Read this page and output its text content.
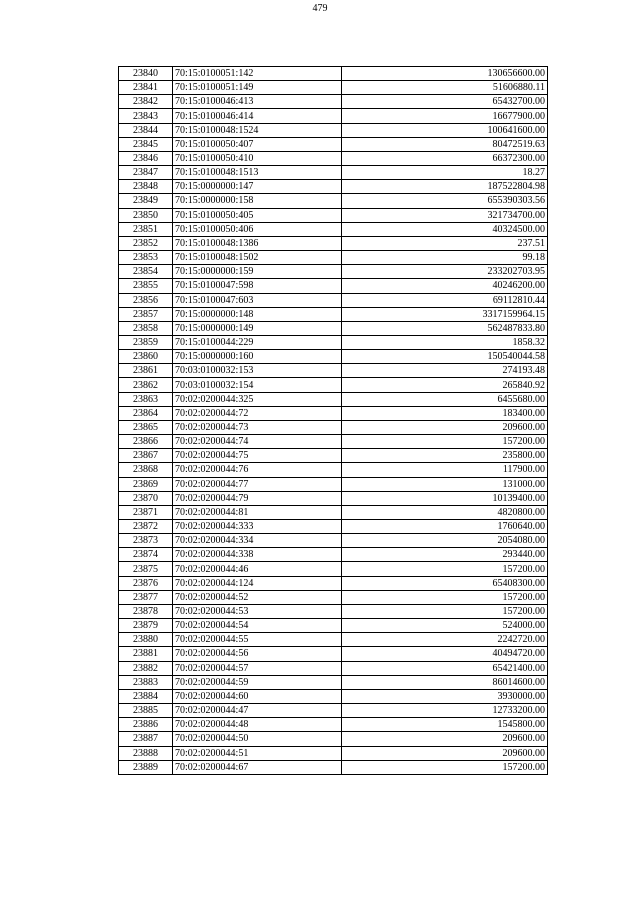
479
23840	70:15:0100051:142	130656600.00
23841	70:15:0100051:149	51606880.11
23842	70:15:0100046:413	65432700.00
23843	70:15:0100046:414	16677900.00
23844	70:15:0100048:1524	100641600.00
23845	70:15:0100050:407	80472519.63
23846	70:15:0100050:410	66372300.00
23847	70:15:0100048:1513	18.27
23848	70:15:0000000:147	187522804.98
23849	70:15:0000000:158	655390303.56
23850	70:15:0100050:405	321734700.00
23851	70:15:0100050:406	40324500.00
23852	70:15:0100048:1386	237.51
23853	70:15:0100048:1502	99.18
23854	70:15:0000000:159	233202703.95
23855	70:15:0100047:598	40246200.00
23856	70:15:0100047:603	69112810.44
23857	70:15:0000000:148	3317159964.15
23858	70:15:0000000:149	562487833.80
23859	70:15:0100044:229	1858.32
23860	70:15:0000000:160	150540044.58
23861	70:03:0100032:153	274193.48
23862	70:03:0100032:154	265840.92
23863	70:02:0200044:325	6455680.00
23864	70:02:0200044:72	183400.00
23865	70:02:0200044:73	209600.00
23866	70:02:0200044:74	157200.00
23867	70:02:0200044:75	235800.00
23868	70:02:0200044:76	117900.00
23869	70:02:0200044:77	131000.00
23870	70:02:0200044:79	10139400.00
23871	70:02:0200044:81	4820800.00
23872	70:02:0200044:333	1760640.00
23873	70:02:0200044:334	2054080.00
23874	70:02:0200044:338	293440.00
23875	70:02:0200044:46	157200.00
23876	70:02:0200044:124	65408300.00
23877	70:02:0200044:52	157200.00
23878	70:02:0200044:53	157200.00
23879	70:02:0200044:54	524000.00
23880	70:02:0200044:55	2242720.00
23881	70:02:0200044:56	40494720.00
23882	70:02:0200044:57	65421400.00
23883	70:02:0200044:59	86014600.00
23884	70:02:0200044:60	3930000.00
23885	70:02:0200044:47	12733200.00
23886	70:02:0200044:48	1545800.00
23887	70:02:0200044:50	209600.00
23888	70:02:0200044:51	209600.00
23889	70:02:0200044:67	157200.00
